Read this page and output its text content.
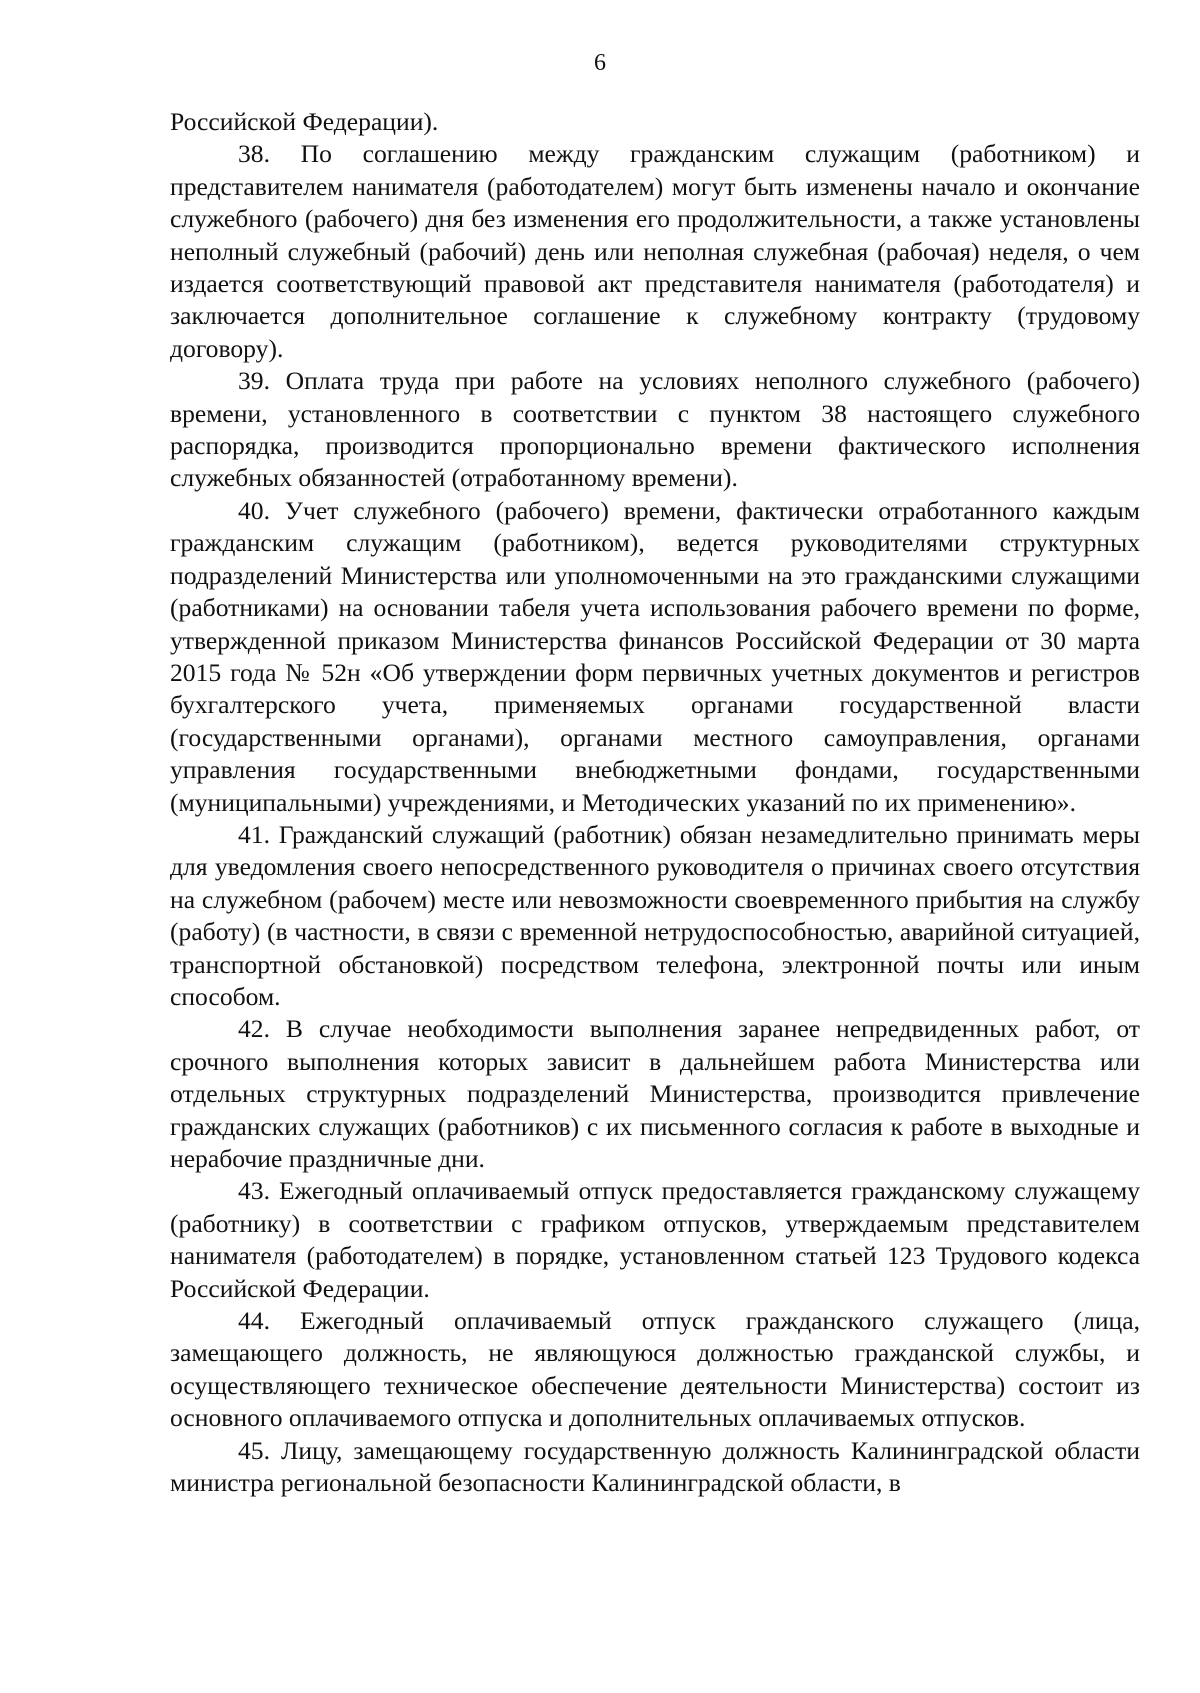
6

Российской Федерации).

38. По соглашению между гражданским служащим (работником) и представителем нанимателя (работодателем) могут быть изменены начало и окончание служебного (рабочего) дня без изменения его продолжительности, а также установлены неполный служебный (рабочий) день или неполная служебная (рабочая) неделя, о чем издается соответствующий правовой акт представителя нанимателя (работодателя) и заключается дополнительное соглашение к служебному контракту (трудовому договору).

39. Оплата труда при работе на условиях неполного служебного (рабочего) времени, установленного в соответствии с пунктом 38 настоящего служебного распорядка, производится пропорционально времени фактического исполнения служебных обязанностей (отработанному времени).

40. Учет служебного (рабочего) времени, фактически отработанного каждым гражданским служащим (работником), ведется руководителями структурных подразделений Министерства или уполномоченными на это гражданскими служащими (работниками) на основании табеля учета использования рабочего времени по форме, утвержденной приказом Министерства финансов Российской Федерации от 30 марта 2015 года № 52н «Об утверждении форм первичных учетных документов и регистров бухгалтерского учета, применяемых органами государственной власти (государственными органами), органами местного самоуправления, органами управления государственными внебюджетными фондами, государственными (муниципальными) учреждениями, и Методических указаний по их применению».

41. Гражданский служащий (работник) обязан незамедлительно принимать меры для уведомления своего непосредственного руководителя о причинах своего отсутствия на служебном (рабочем) месте или невозможности своевременного прибытия на службу (работу) (в частности, в связи с временной нетрудоспособностью, аварийной ситуацией, транспортной обстановкой) посредством телефона, электронной почты или иным способом.

42. В случае необходимости выполнения заранее непредвиденных работ, от срочного выполнения которых зависит в дальнейшем работа Министерства или отдельных структурных подразделений Министерства, производится привлечение гражданских служащих (работников) с их письменного согласия к работе в выходные и нерабочие праздничные дни.

43. Ежегодный оплачиваемый отпуск предоставляется гражданскому служащему (работнику) в соответствии с графиком отпусков, утверждаемым представителем нанимателя (работодателем) в порядке, установленном статьей 123 Трудового кодекса Российской Федерации.

44. Ежегодный оплачиваемый отпуск гражданского служащего (лица, замещающего должность, не являющуюся должностью гражданской службы, и осуществляющего техническое обеспечение деятельности Министерства) состоит из основного оплачиваемого отпуска и дополнительных оплачиваемых отпусков.

45. Лицу, замещающему государственную должность Калининградской области министра региональной безопасности Калининградской области, в
